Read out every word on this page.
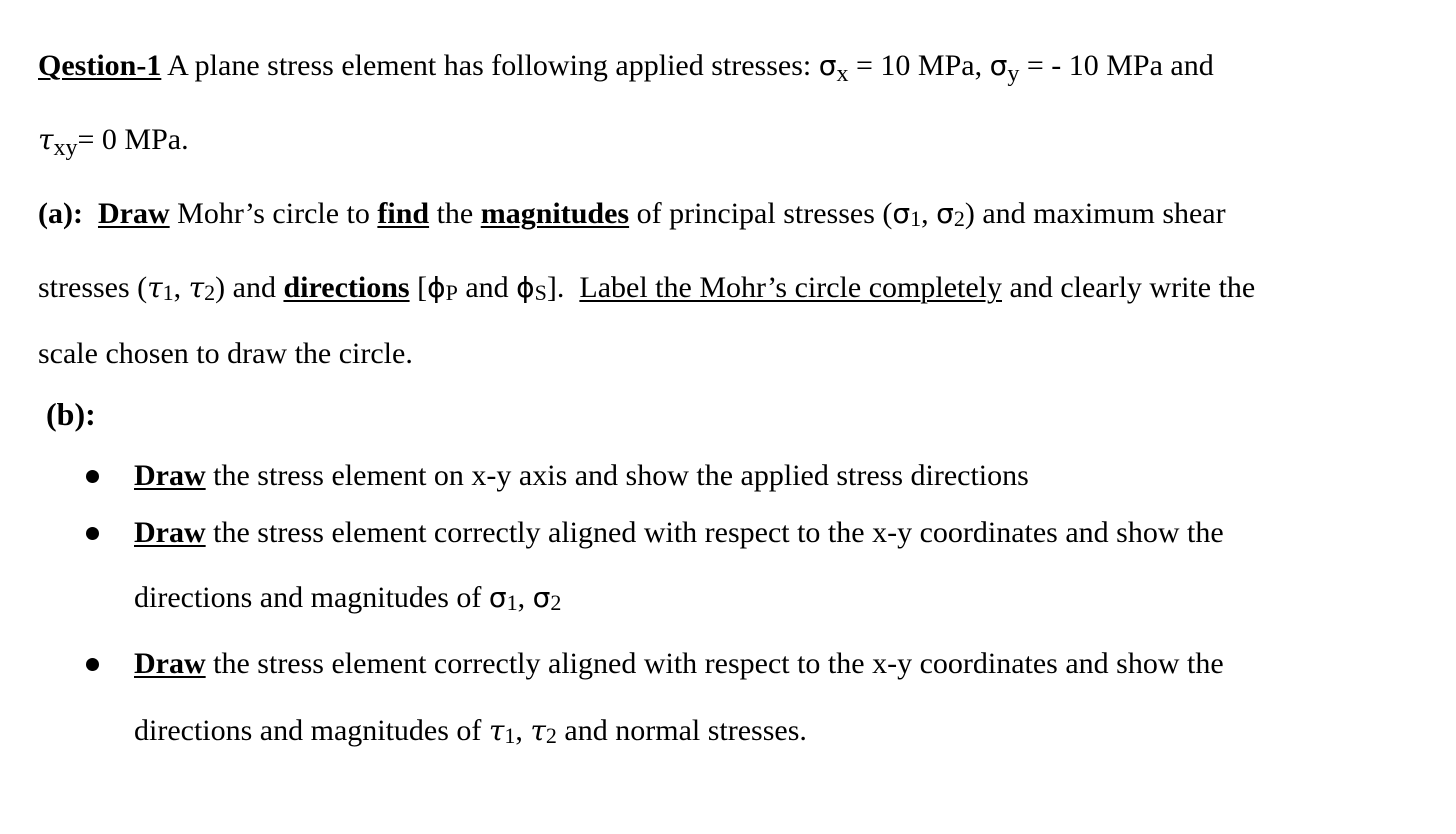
Qestion-1 A plane stress element has following applied stresses: $\sigma_x = 10$ MPa, $\sigma_y$ = - 10 MPa and
$\tau_{xy}= 0$ MPa.
(a): Draw Mohr’s circle to find the magnitudes of principal stresses (σ1, σ2) and maximum shear
stresses (τ1, τ2) and directions [ϕP and ϕS]. Label the Mohr’s circle completely and clearly write the
scale chosen to draw the circle.
(b):
Draw the stress element on x-y axis and show the applied stress directions
Draw the stress element correctly aligned with respect to the x-y coordinates and show the
directions and magnitudes of σ1, σ2
Draw the stress element correctly aligned with respect to the x-y coordinates and show the
directions and magnitudes of τ1, τ2 and normal stresses.
